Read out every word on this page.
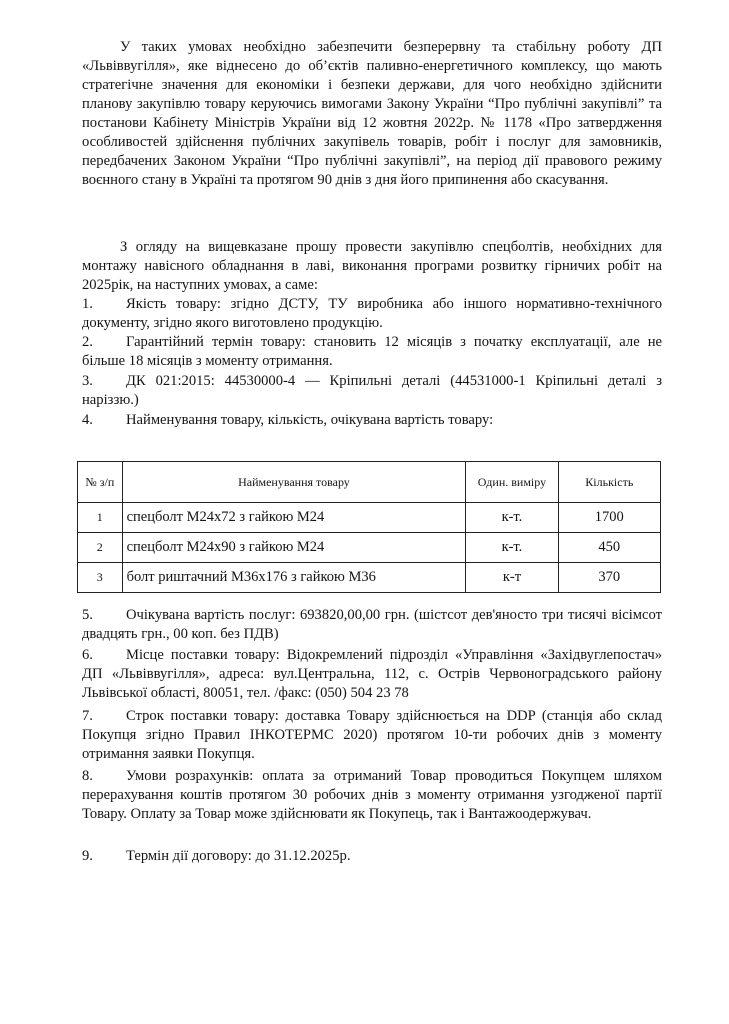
У таких умовах необхідно забезпечити безперервну та стабільну роботу ДП «Львіввугілля», яке віднесено до об’єктів паливно-енергетичного комплексу, що мають стратегічне значення для економіки і безпеки держави, для чого необхідно здійснити планову закупівлю товару керуючись вимогами Закону України “Про публічні закупівлі” та постанови Кабінету Міністрів України від 12 жовтня 2022р. № 1178 «Про затвердження особливостей здійснення публічних закупівель товарів, робіт і послуг для замовників, передбачених Законом України “Про публічні закупівлі”, на період дії правового режиму воєнного стану в Україні та протягом 90 днів з дня його припинення або скасування.

З огляду на вищевказане прошу провести закупівлю спецболтів, необхідних для монтажу навісного обладнання в лаві, виконання програми розвитку гірничих робіт на 2025рік, на наступних умовах, а саме:

1. Якість товару: згідно ДСТУ, ТУ виробника або іншого нормативно-технічного документу, згідно якого виготовлено продукцію.

2. Гарантійний термін товару: становить 12 місяців з початку експлуатації, але не більше 18 місяців з моменту отримання.

3. ДК 021:2015: 44530000-4 — Кріпильні деталі (44531000-1 Кріпильні деталі з наріззю.)

4. Найменування товару, кількість, очікувана вартість товару:

№ з/п	Найменування товару	Один. виміру	Кількість
1	спецболт М24х72 з гайкою М24	к-т.	1700
2	спецболт М24х90 з гайкою М24	к-т.	450
3	болт риштачний М36х176 з гайкою М36	к-т	370

5. Очікувана вартість послуг: 693820,00,00 грн. (шістсот дев'яносто три тисячі вісімсот двадцять грн., 00 коп. без ПДВ)

6. Місце поставки товару: Відокремлений підрозділ «Управління «Західвуглепостач» ДП «Львіввугілля», адреса: вул.Центральна, 112, с. Острів Червоноградського району Львівської області, 80051, тел. /факс: (050) 504 23 78

7. Строк поставки товару: доставка Товару здійснюється на DDP (станція або склад Покупця згідно Правил ІНКОТЕРМС 2020) протягом 10-ти робочих днів з моменту отримання заявки Покупця.

8. Умови розрахунків: оплата за отриманий Товар проводиться Покупцем шляхом перерахування коштів протягом 30 робочих днів з моменту отримання узгодженої партії Товару. Оплату за Товар може здійснювати як Покупець, так і Вантажоодержувач.

9. Термін дії договору: до 31.12.2025р.
